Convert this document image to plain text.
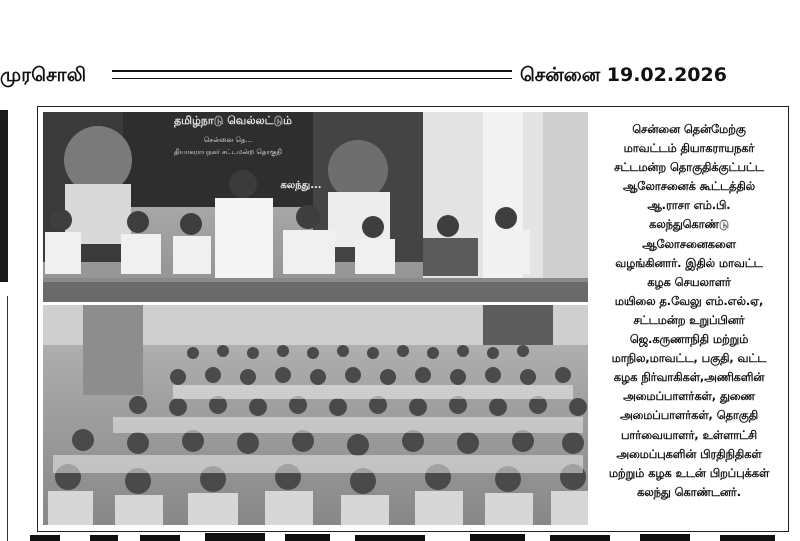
முரசொலி	சென்னை 19.02.2026
தமிழ்நாடு வெல்லட்டும்
சென்னை தெ...
தியாகராயநகர் சட்டமன்ற தொகுதி
கலந்து...
சென்னை தென்மேற்கு
மாவட்டம் தியாகராயநகர்
சட்டமன்ற தொகுதிக்குட்பட்ட
ஆலோசனைக் கூட்டத்தில்
ஆ.ராசா எம்.பி.
கலந்துகொண்டு
ஆலோசனைகளை
வழங்கினார். இதில் மாவட்ட
கழக செயலாளர்
மயிலை த.வேலு எம்.எல்.ஏ,
சட்டமன்ற உறுப்பினர்
ஜெ.கருணாநிதி மற்றும்
மாநில,மாவட்ட, பகுதி, வட்ட
கழக நிர்வாகிகள்,அணிகளின்
அமைப்பாளர்கள், துணை
அமைப்பாளர்கள், தொகுதி
பார்வையாளர், உள்ளாட்சி
அமைப்புகளின் பிரதிநிதிகள்
மற்றும் கழக உடன் பிறப்புக்கள்
கலந்து கொண்டனர்.
